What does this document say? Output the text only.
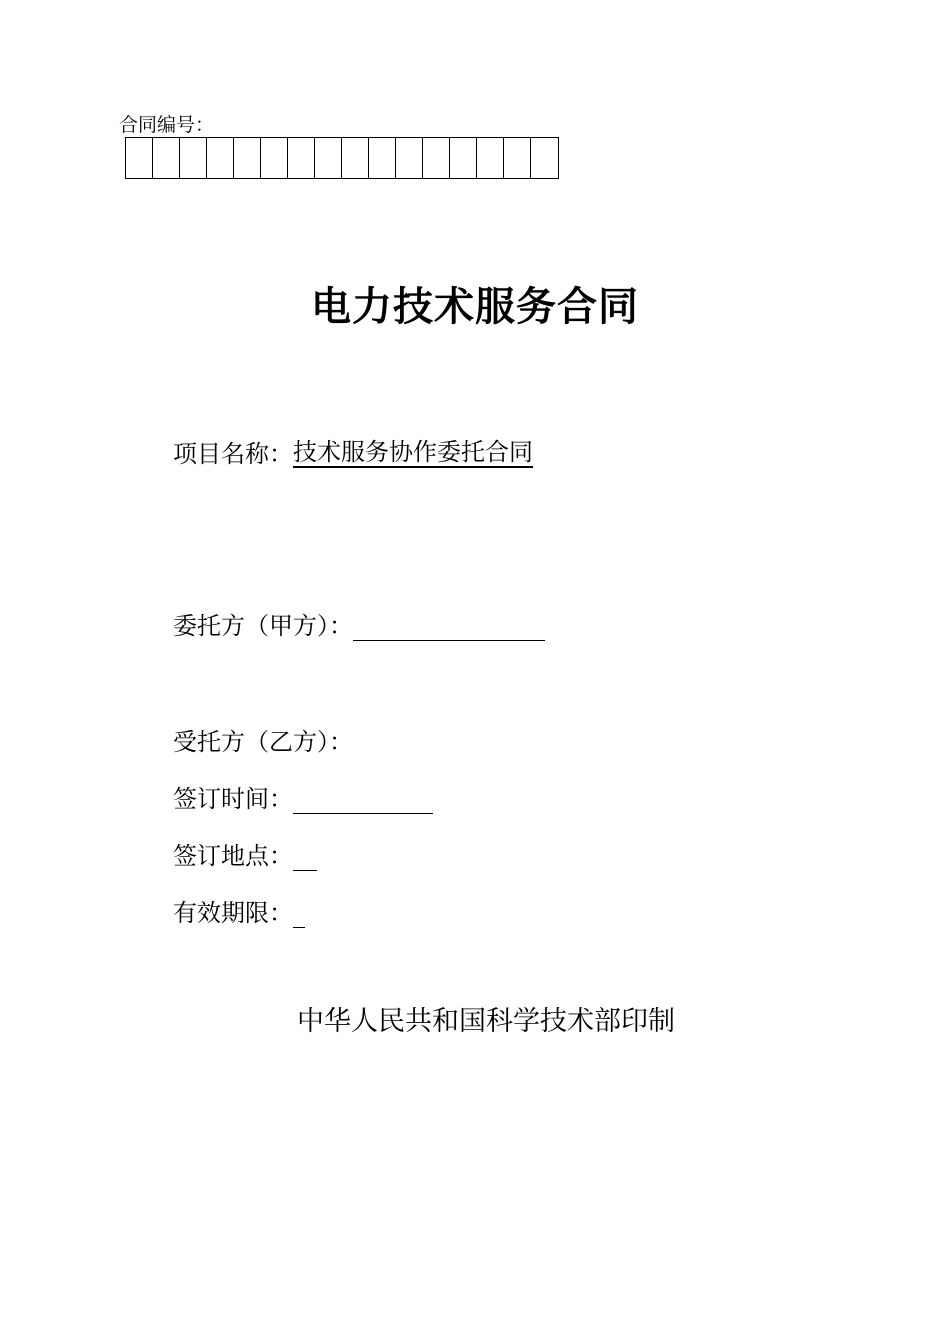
合同编号：
电力技术服务合同
项目名称：技术服务协作委托合同
委托方（甲方）：
受托方（乙方）：
签订时间：
签订地点：
有效期限：
中华人民共和国科学技术部印制
